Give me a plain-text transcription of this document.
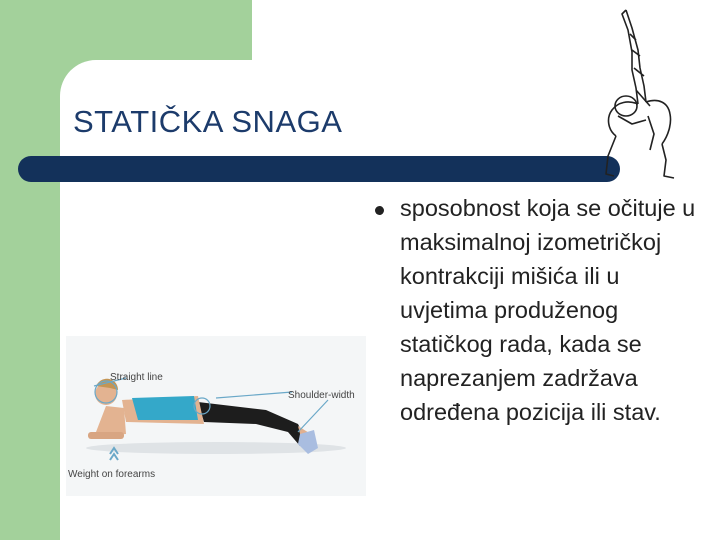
STATIČKA SNAGA
Straight line
Shoulder-width
Weight on forearms
sposobnost koja se očituje u maksimalnoj izometričkoj kontrakciji mišića ili u uvjetima produženog statičkog rada, kada se naprezanjem zadržava određena pozicija ili stav.
